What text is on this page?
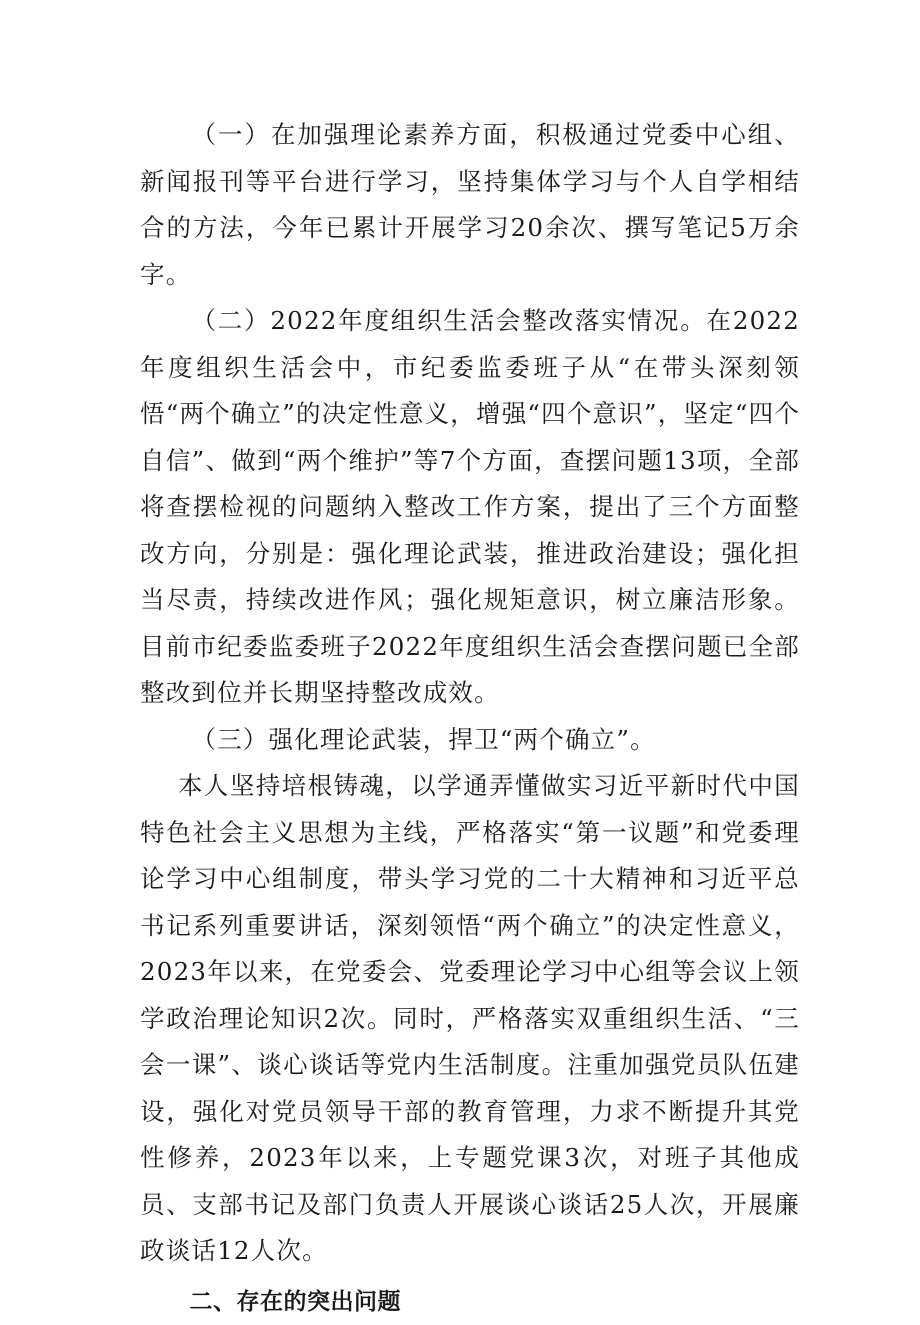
（一）在加强理论素养方面，积极通过党委中心组、新闻报刊等平台进行学习，坚持集体学习与个人自学相结合的方法，今年已累计开展学习20余次、撰写笔记5万余字。

（二）2022年度组织生活会整改落实情况。在2022年度组织生活会中，市纪委监委班子从“在带头深刻领悟“两个确立”的决定性意义，增强“四个意识”，坚定“四个自信”、做到“两个维护”等7个方面，查摆问题13项，全部将查摆检视的问题纳入整改工作方案，提出了三个方面整改方向，分别是：强化理论武装，推进政治建设；强化担当尽责，持续改进作风；强化规矩意识，树立廉洁形象。目前市纪委监委班子2022年度组织生活会查摆问题已全部整改到位并长期坚持整改成效。

（三）强化理论武装，捍卫“两个确立”。

本人坚持培根铸魂，以学通弄懂做实习近平新时代中国特色社会主义思想为主线，严格落实“第一议题”和党委理论学习中心组制度，带头学习党的二十大精神和习近平总书记系列重要讲话，深刻领悟“两个确立”的决定性意义，2023年以来，在党委会、党委理论学习中心组等会议上领学政治理论知识2次。同时，严格落实双重组织生活、“三会一课”、谈心谈话等党内生活制度。注重加强党员队伍建设，强化对党员领导干部的教育管理，力求不断提升其党性修养，2023年以来，上专题党课3次，对班子其他成员、支部书记及部门负责人开展谈心谈话25人次，开展廉政谈话12人次。

二、存在的突出问题
